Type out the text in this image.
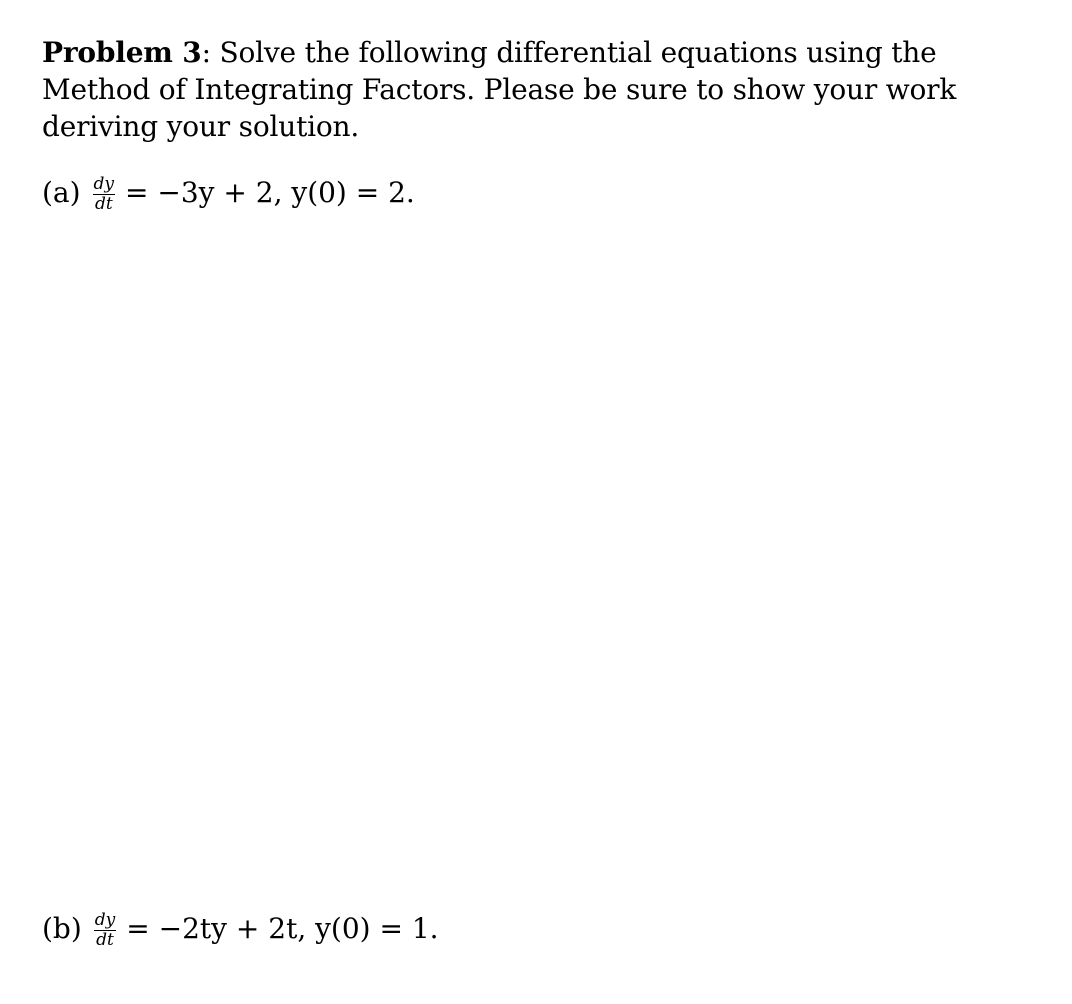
Problem 3: Solve the following differential equations using the Method of Integrating Factors. Please be sure to show your work deriving your solution.
$(a) \frac{dy}{dt} = -3y + 2$, y(0) = 2.
$(b) \frac{dy}{dt} = -2ty + 2t$, y(0) = 1.
